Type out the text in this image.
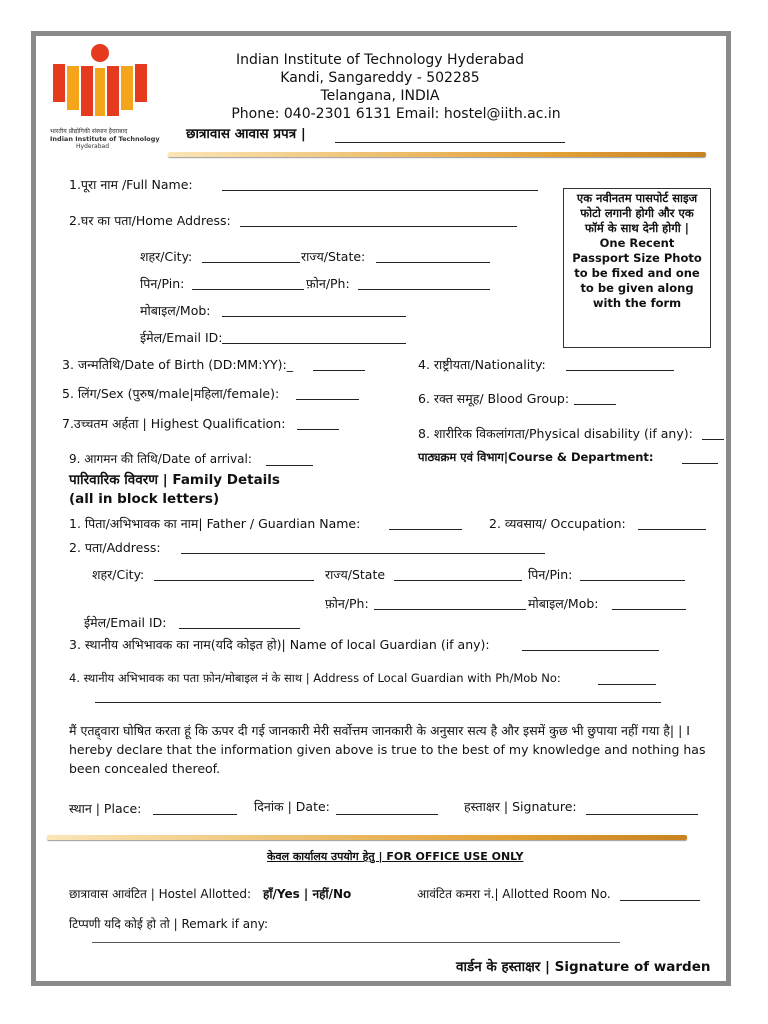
भारतीय प्रौद्योगिकी संस्थान हैदराबाद
Indian Institute of Technology
Hyderabad
Indian Institute of Technology Hyderabad
Kandi, Sangareddy - 502285
Telangana, INDIA
Phone: 040-2301 6131 Email: hostel@iith.ac.in
छात्रावास आवास प्रपत्र |
एक नवीनतम पासपोर्ट साइज फोटो लगानी होगी और एक फॉर्म के साथ देनी होगी |
One Recent Passport Size Photo to be fixed and one to be given along with the form
1.पूरा नाम /Full Name:
2.घर का पता/Home Address:
शहर/City:	राज्य/State:
पिन/Pin:	फ़ोन/Ph:
मोबाइल/Mob:
ईमेल/Email ID:
3. जन्मतिथि/Date of Birth (DD:MM:YY):_	4. राष्ट्रीयता/Nationality:
5. लिंग/Sex (पुरुष/male|महिला/female):	6. रक्त समूह/ Blood Group:
7.उच्चतम अर्हता | Highest Qualification:
8. शारीरिक विकलांगता/Physical disability (if any):
9. आगमन की तिथि/Date of arrival:	पाठ्यक्रम एवं विभाग|Course & Department:
पारिवारिक विवरण | Family Details
(all in block letters)
1. पिता/अभिभावक का नाम| Father / Guardian Name:	2. व्यवसाय/ Occupation:
2. पता/Address:
शहर/City:	राज्य/State	पिन/Pin:
फ़ोन/Ph:	मोबाइल/Mob:
ईमेल/Email ID:
3. स्थानीय अभिभावक का नाम(यदि कोइत हो)| Name of local Guardian (if any):
4. स्थानीय अभिभावक का पता फ़ोन/मोबाइल नं के साथ | Address of Local Guardian with Ph/Mob No:
मैं एतद्द्वारा घोषित करता हूं कि ऊपर दी गई जानकारी मेरी सर्वोत्तम जानकारी के अनुसार सत्य है और इसमें कुछ भी छुपाया नहीं गया है| | I hereby declare that the information given above is true to the best of my knowledge and nothing has been concealed thereof.
स्थान | Place:	दिनांक | Date:	हस्ताक्षर | Signature:
केवल कार्यालय उपयोग हेतु | FOR OFFICE USE ONLY
छात्रावास आवंटित | Hostel Allotted: हाँ/Yes | नहीं/No	आवंटित कमरा नं.| Allotted Room No.
टिप्पणी यदि कोई हो तो | Remark if any:
वार्डन के हस्ताक्षर | Signature of warden
